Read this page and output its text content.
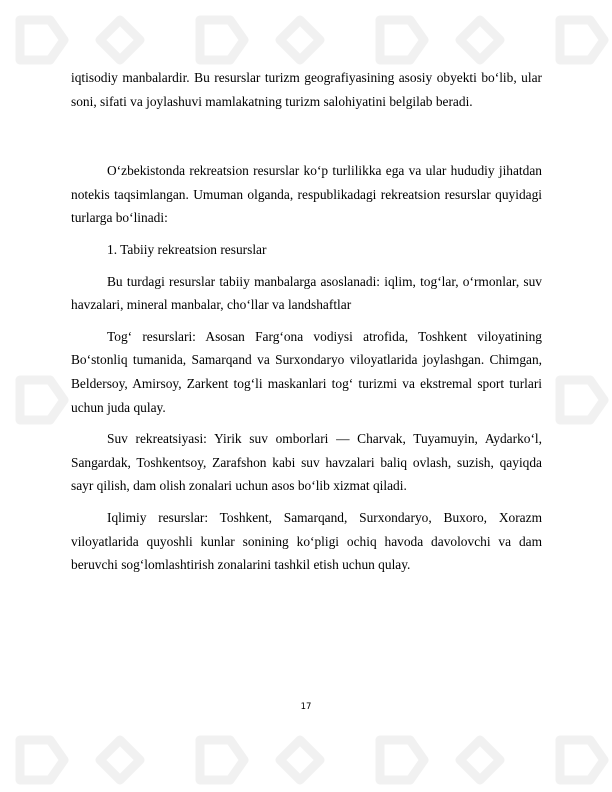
iqtisodiy manbalardir. Bu resurslar turizm geografiyasining asosiy obyekti bo‘lib, ular soni, sifati va joylashuvi mamlakatning turizm salohiyatini belgilab beradi.

O‘zbekistonda rekreatsion resurslar ko‘p turlilikka ega va ular hududiy jihatdan notekis taqsimlangan. Umuman olganda, respublikadagi rekreatsion resurslar quyidagi turlarga bo‘linadi:

1. Tabiiy rekreatsion resurslar

Bu turdagi resurslar tabiiy manbalarga asoslanadi: iqlim, tog‘lar, o‘rmonlar, suv havzalari, mineral manbalar, cho‘llar va landshaftlar

Tog‘ resurslari: Asosan Farg‘ona vodiysi atrofida, Toshkent viloyatining Bo‘stonliq tumanida, Samarqand va Surxondaryo viloyatlarida joylashgan. Chimgan, Beldersoy, Amirsoy, Zarkent tog‘li maskanlari tog‘ turizmi va ekstremal sport turlari uchun juda qulay.

Suv rekreatsiyasi: Yirik suv omborlari — Charvak, Tuyamuyin, Aydarko‘l, Sangardak, Toshkentsoy, Zarafshon kabi suv havzalari baliq ovlash, suzish, qayiqda sayr qilish, dam olish zonalari uchun asos bo‘lib xizmat qiladi.

Iqlimiy resurslar: Toshkent, Samarqand, Surxondaryo, Buxoro, Xorazm viloyatlarida quyoshli kunlar sonining ko‘pligi ochiq havoda davolovchi va dam beruvchi sog‘lomlashtirish zonalarini tashkil etish uchun qulay.

17
